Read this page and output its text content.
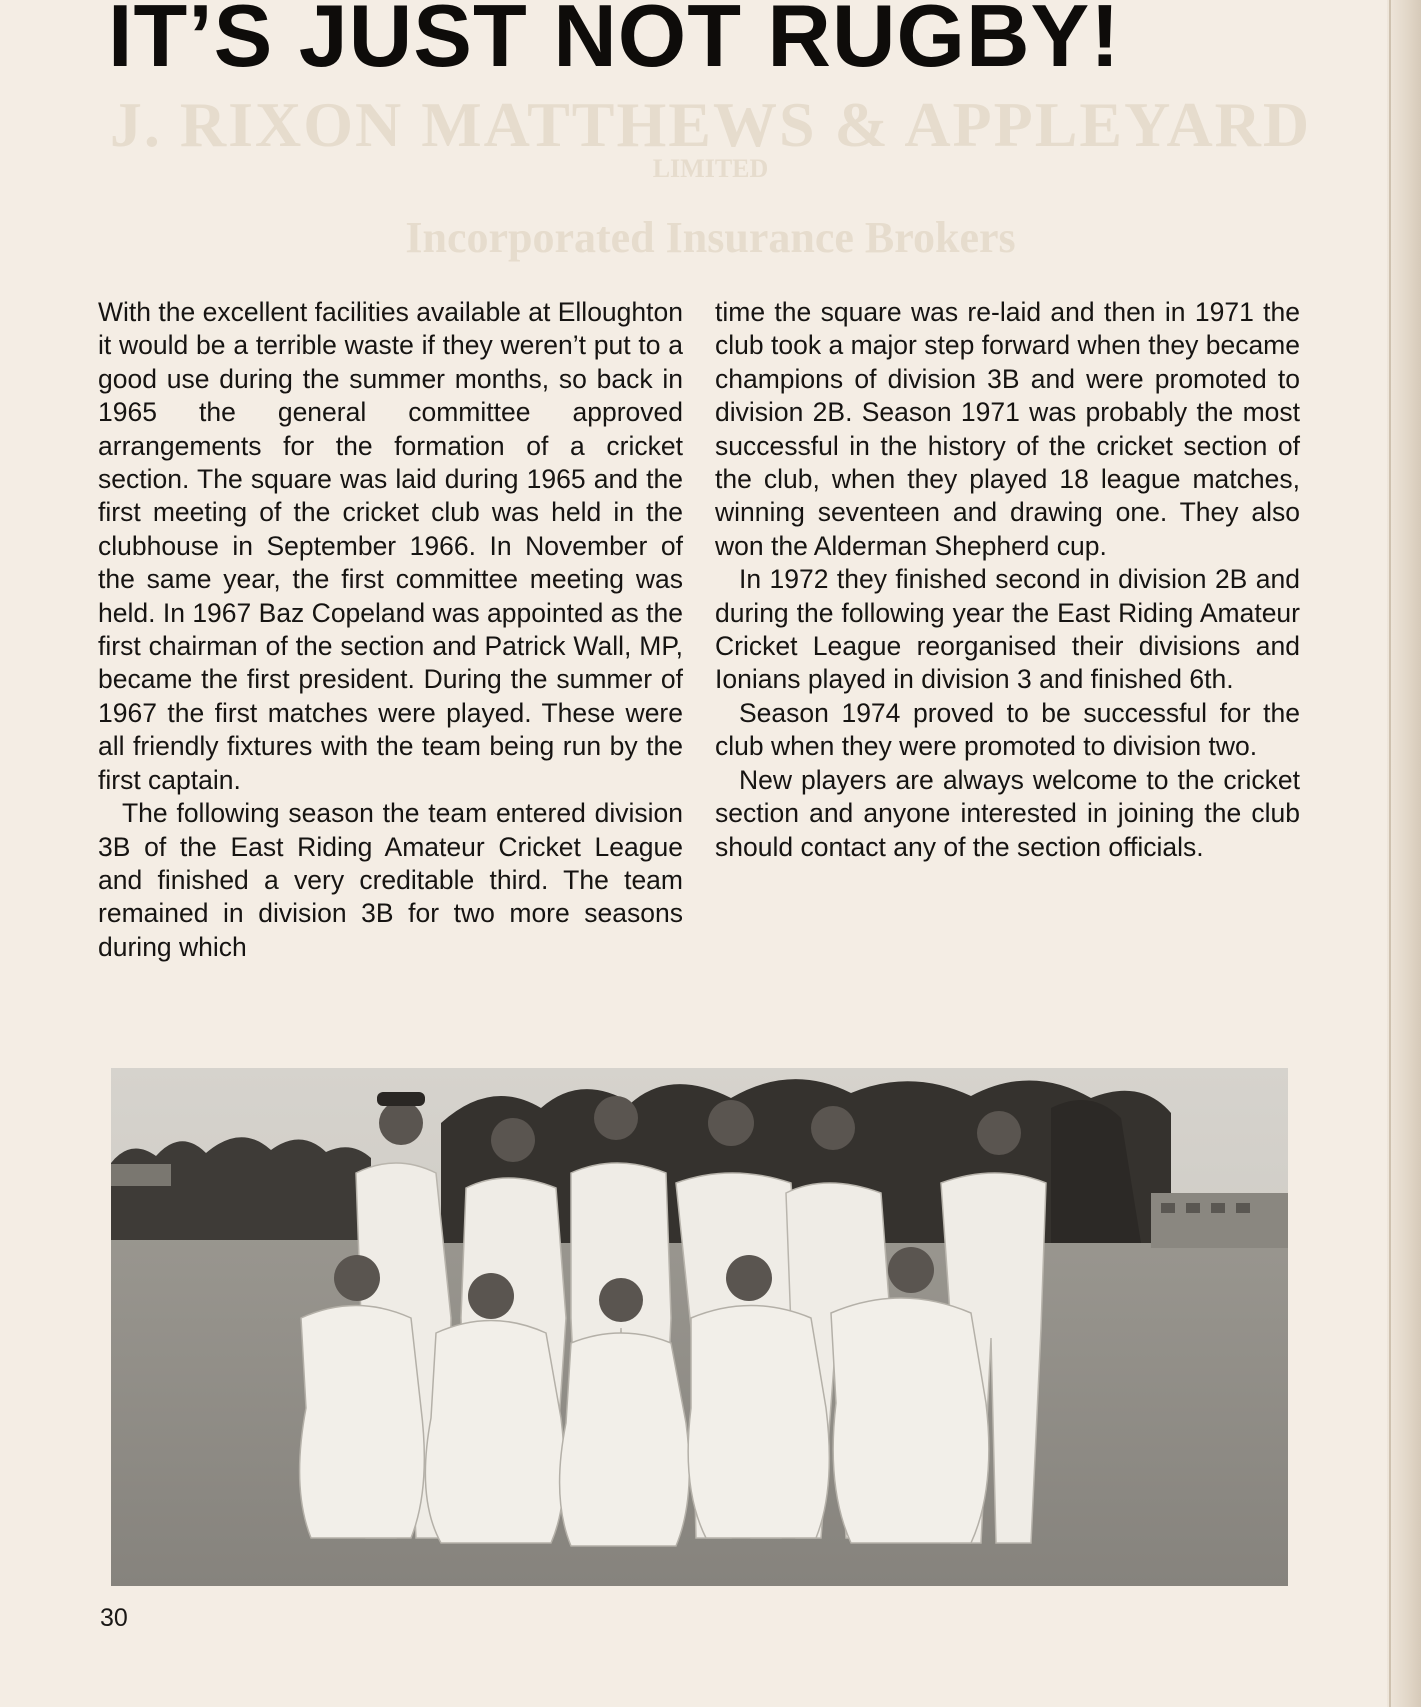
J. RIXON MATTHEWS & APPLEYARD
LIMITED
Incorporated Insurance Brokers
IT’S JUST NOT RUGBY!

With the excellent facilities available at Elloughton it would be a terrible waste if they weren’t put to a good use during the summer months, so back in 1965 the general committee approved arrangements for the formation of a cricket section. The square was laid during 1965 and the first meeting of the cricket club was held in the clubhouse in September 1966. In November of the same year, the first committee meeting was held. In 1967 Baz Copeland was appointed as the first chairman of the section and Patrick Wall, MP, became the first president. During the summer of 1967 the first matches were played. These were all friendly fixtures with the team being run by the first captain.

The following season the team entered division 3B of the East Riding Amateur Cricket League and finished a very creditable third. The team remained in division 3B for two more seasons during which

time the square was re-laid and then in 1971 the club took a major step forward when they became champions of division 3B and were promoted to division 2B. Season 1971 was probably the most successful in the history of the cricket section of the club, when they played 18 league matches, winning seventeen and drawing one. They also won the Alderman Shepherd cup.

In 1972 they finished second in division 2B and during the following year the East Riding Amateur Cricket League reorganised their divisions and Ionians played in division 3 and finished 6th.

Season 1974 proved to be successful for the club when they were promoted to division two.

New players are always welcome to the cricket section and anyone interested in joining the club should contact any of the section officials.

30
